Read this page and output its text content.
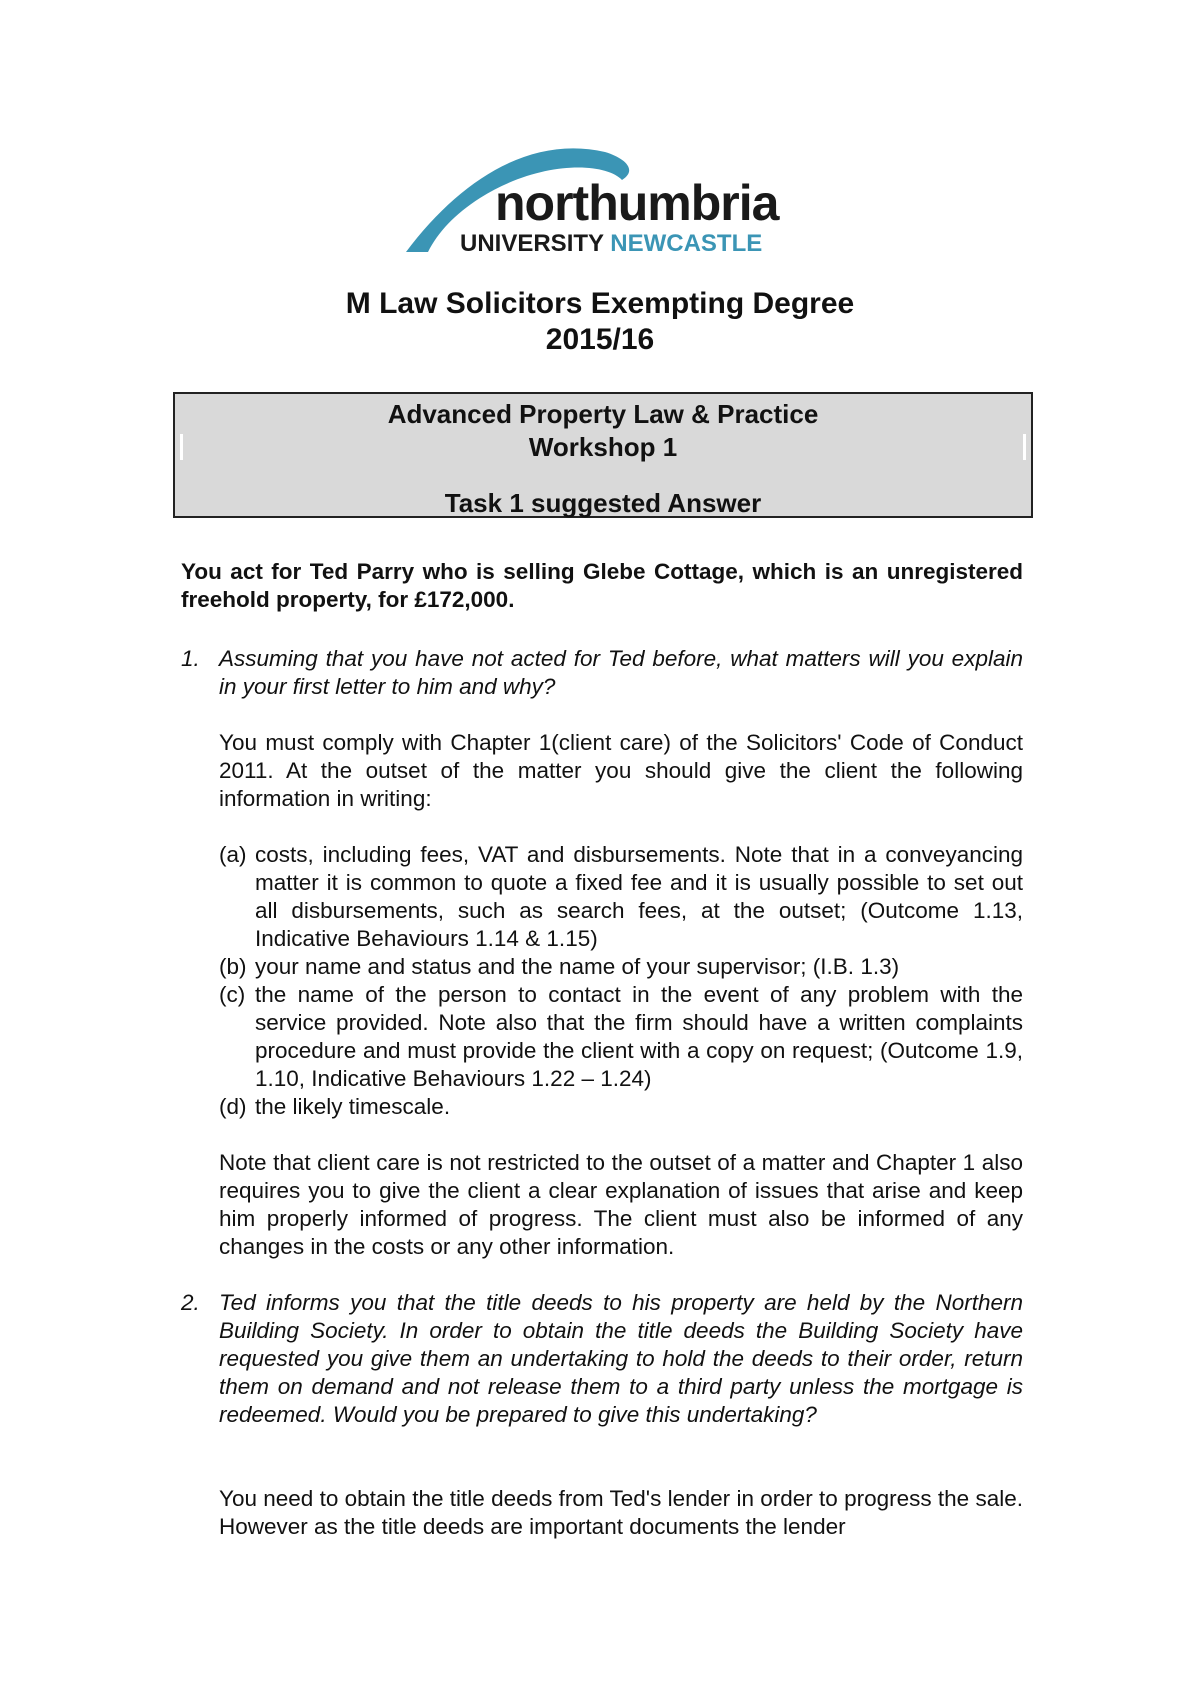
northumbria
UNIVERSITY NEWCASTLE
M Law Solicitors Exempting Degree
2015/16
Advanced Property Law & Practice
Workshop 1
Task 1 suggested Answer

You act for Ted Parry who is selling Glebe Cottage, which is an unregistered freehold property, for £172,000.

1. Assuming that you have not acted for Ted before, what matters will you explain in your first letter to him and why?

You must comply with Chapter 1(client care) of the Solicitors' Code of Conduct 2011. At the outset of the matter you should give the client the following information in writing:

(a) costs, including fees, VAT and disbursements. Note that in a conveyancing matter it is common to quote a fixed fee and it is usually possible to set out all disbursements, such as search fees, at the outset; (Outcome 1.13, Indicative Behaviours 1.14 & 1.15)

(b) your name and status and the name of your supervisor; (I.B. 1.3)

(c) the name of the person to contact in the event of any problem with the service provided. Note also that the firm should have a written complaints procedure and must provide the client with a copy on request; (Outcome 1.9, 1.10, Indicative Behaviours 1.22 – 1.24)

(d) the likely timescale.

Note that client care is not restricted to the outset of a matter and Chapter 1 also requires you to give the client a clear explanation of issues that arise and keep him properly informed of progress. The client must also be informed of any changes in the costs or any other information.

2. Ted informs you that the title deeds to his property are held by the Northern Building Society. In order to obtain the title deeds the Building Society have requested you give them an undertaking to hold the deeds to their order, return them on demand and not release them to a third party unless the mortgage is redeemed. Would you be prepared to give this undertaking?

You need to obtain the title deeds from Ted's lender in order to progress the sale. However as the title deeds are important documents the lender
